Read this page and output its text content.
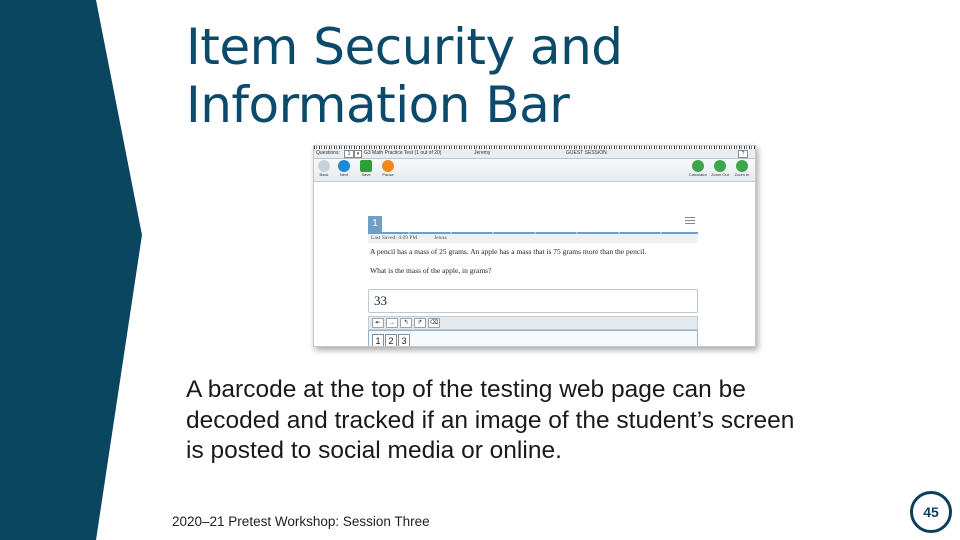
Item Security and
Information Bar
Questions:	1	▾ G3 Math Practice Test (1 out of 20)	Jeremy	GUEST SESSION	?
Back	Next	Save	Pause	Calculator Zoom Out	Zoom In
1
Last Saved: 4:09 PM	Jenna

A pencil has a mass of 25 grams. An apple has a mass that is 75 grams more than the pencil.

What is the mass of the apple, in grams?

33
⇤	→	↰	↱	⌫
1 2 3

A barcode at the top of the testing web page can be
decoded and tracked if an image of the student’s screen
is posted to social media or online.

2020–21 Pretest Workshop: Session Three
45
